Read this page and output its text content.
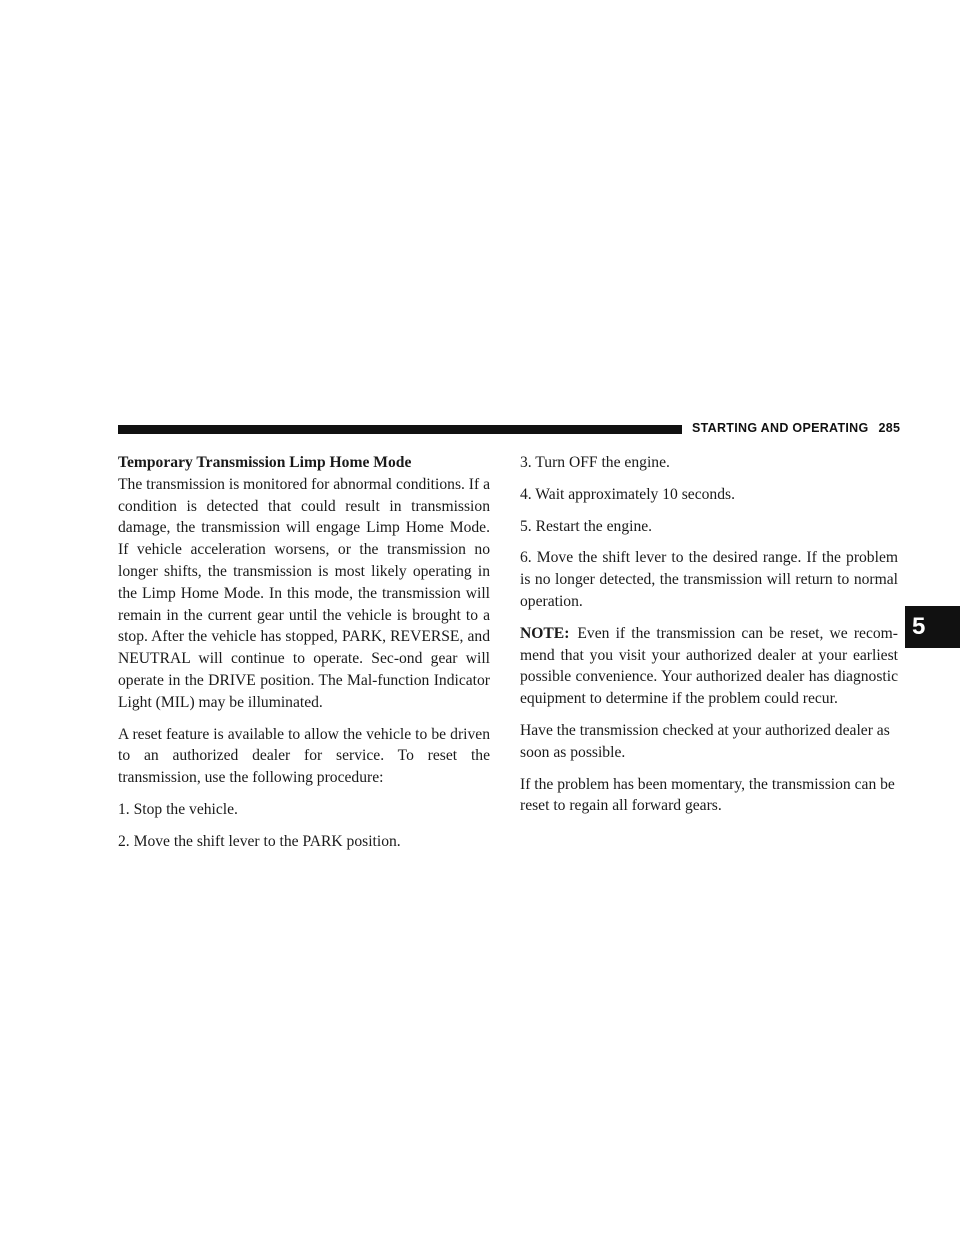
STARTING AND OPERATING 285
5

Temporary Transmission Limp Home Mode
The transmission is monitored for abnormal conditions. If a condition is detected that could result in transmission damage, the transmission will engage Limp Home Mode. If vehicle acceleration worsens, or the transmission no longer shifts, the transmission is most likely operating in the Limp Home Mode. In this mode, the transmission will remain in the current gear until the vehicle is brought to a stop. After the vehicle has stopped, PARK, REVERSE, and NEUTRAL will continue to operate. Sec-ond gear will operate in the DRIVE position. The Mal-function Indicator Light (MIL) may be illuminated.

A reset feature is available to allow the vehicle to be driven to an authorized dealer for service. To reset the transmission, use the following procedure:

1. Stop the vehicle.

2. Move the shift lever to the PARK position.

3. Turn OFF the engine.

4. Wait approximately 10 seconds.

5. Restart the engine.

6. Move the shift lever to the desired range. If the problem is no longer detected, the transmission will return to normal operation.

NOTE: Even if the transmission can be reset, we recom-mend that you visit your authorized dealer at your earliest possible convenience. Your authorized dealer has diagnostic equipment to determine if the problem could recur.

Have the transmission checked at your authorized dealer as soon as possible.

If the problem has been momentary, the transmission can be reset to regain all forward gears.
